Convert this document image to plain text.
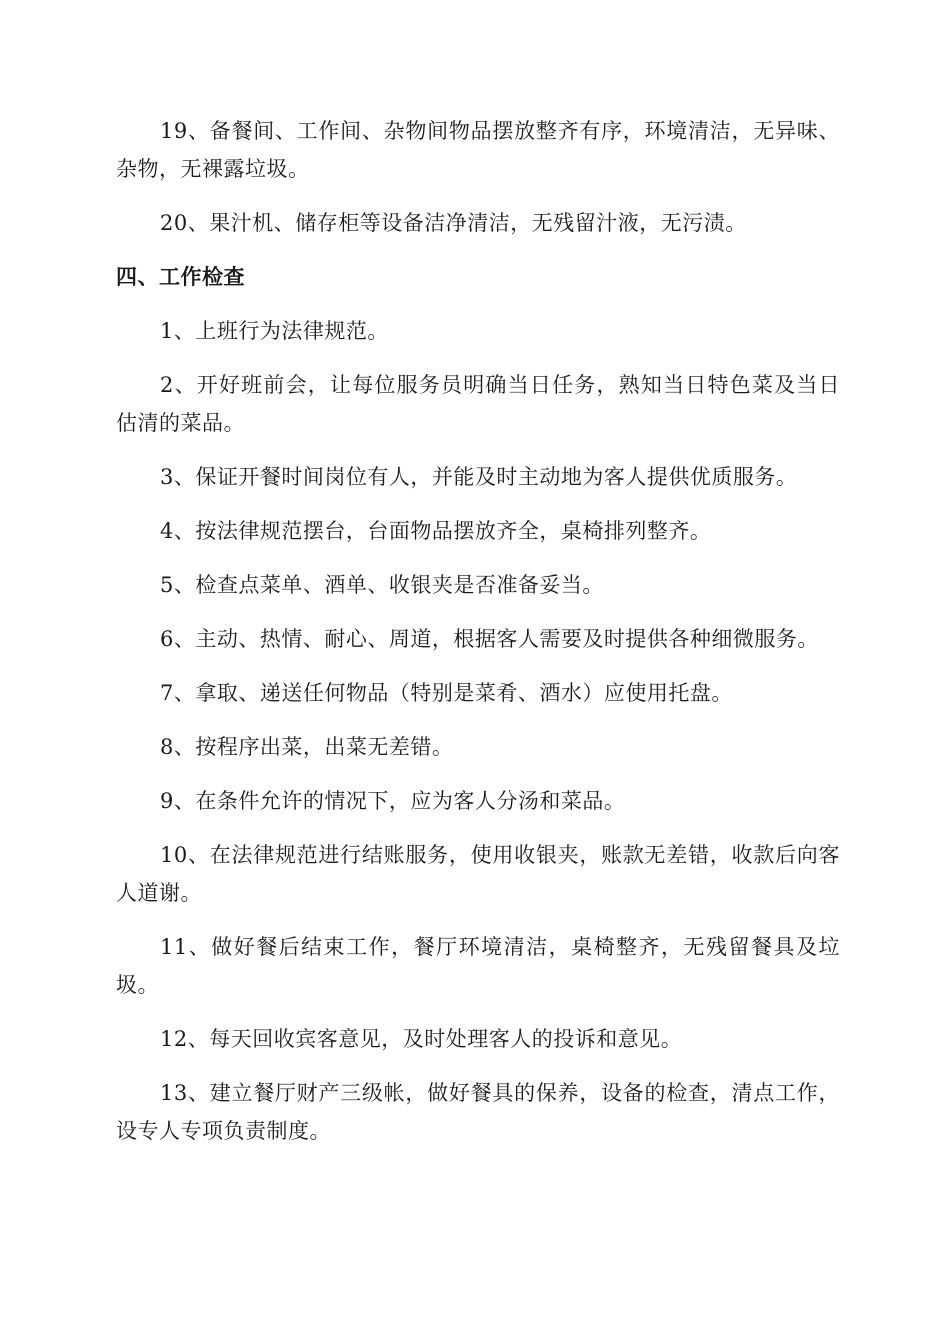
19、备餐间、工作间、杂物间物品摆放整齐有序，环境清洁，无异味、杂物，无裸露垃圾。

20、果汁机、储存柜等设备洁净清洁，无残留汁液，无污渍。

四、工作检查

1、上班行为法律规范。

2、开好班前会，让每位服务员明确当日任务，熟知当日特色菜及当日估清的菜品。

3、保证开餐时间岗位有人，并能及时主动地为客人提供优质服务。

4、按法律规范摆台，台面物品摆放齐全，桌椅排列整齐。

5、检查点菜单、酒单、收银夹是否准备妥当。

6、主动、热情、耐心、周道，根据客人需要及时提供各种细微服务。

7、拿取、递送任何物品（特别是菜肴、酒水）应使用托盘。

8、按程序出菜，出菜无差错。

9、在条件允许的情况下，应为客人分汤和菜品。

10、在法律规范进行结账服务，使用收银夹，账款无差错，收款后向客人道谢。

11、做好餐后结束工作，餐厅环境清洁，桌椅整齐，无残留餐具及垃圾。

12、每天回收宾客意见，及时处理客人的投诉和意见。

13、建立餐厅财产三级帐，做好餐具的保养，设备的检查，清点工作，设专人专项负责制度。
